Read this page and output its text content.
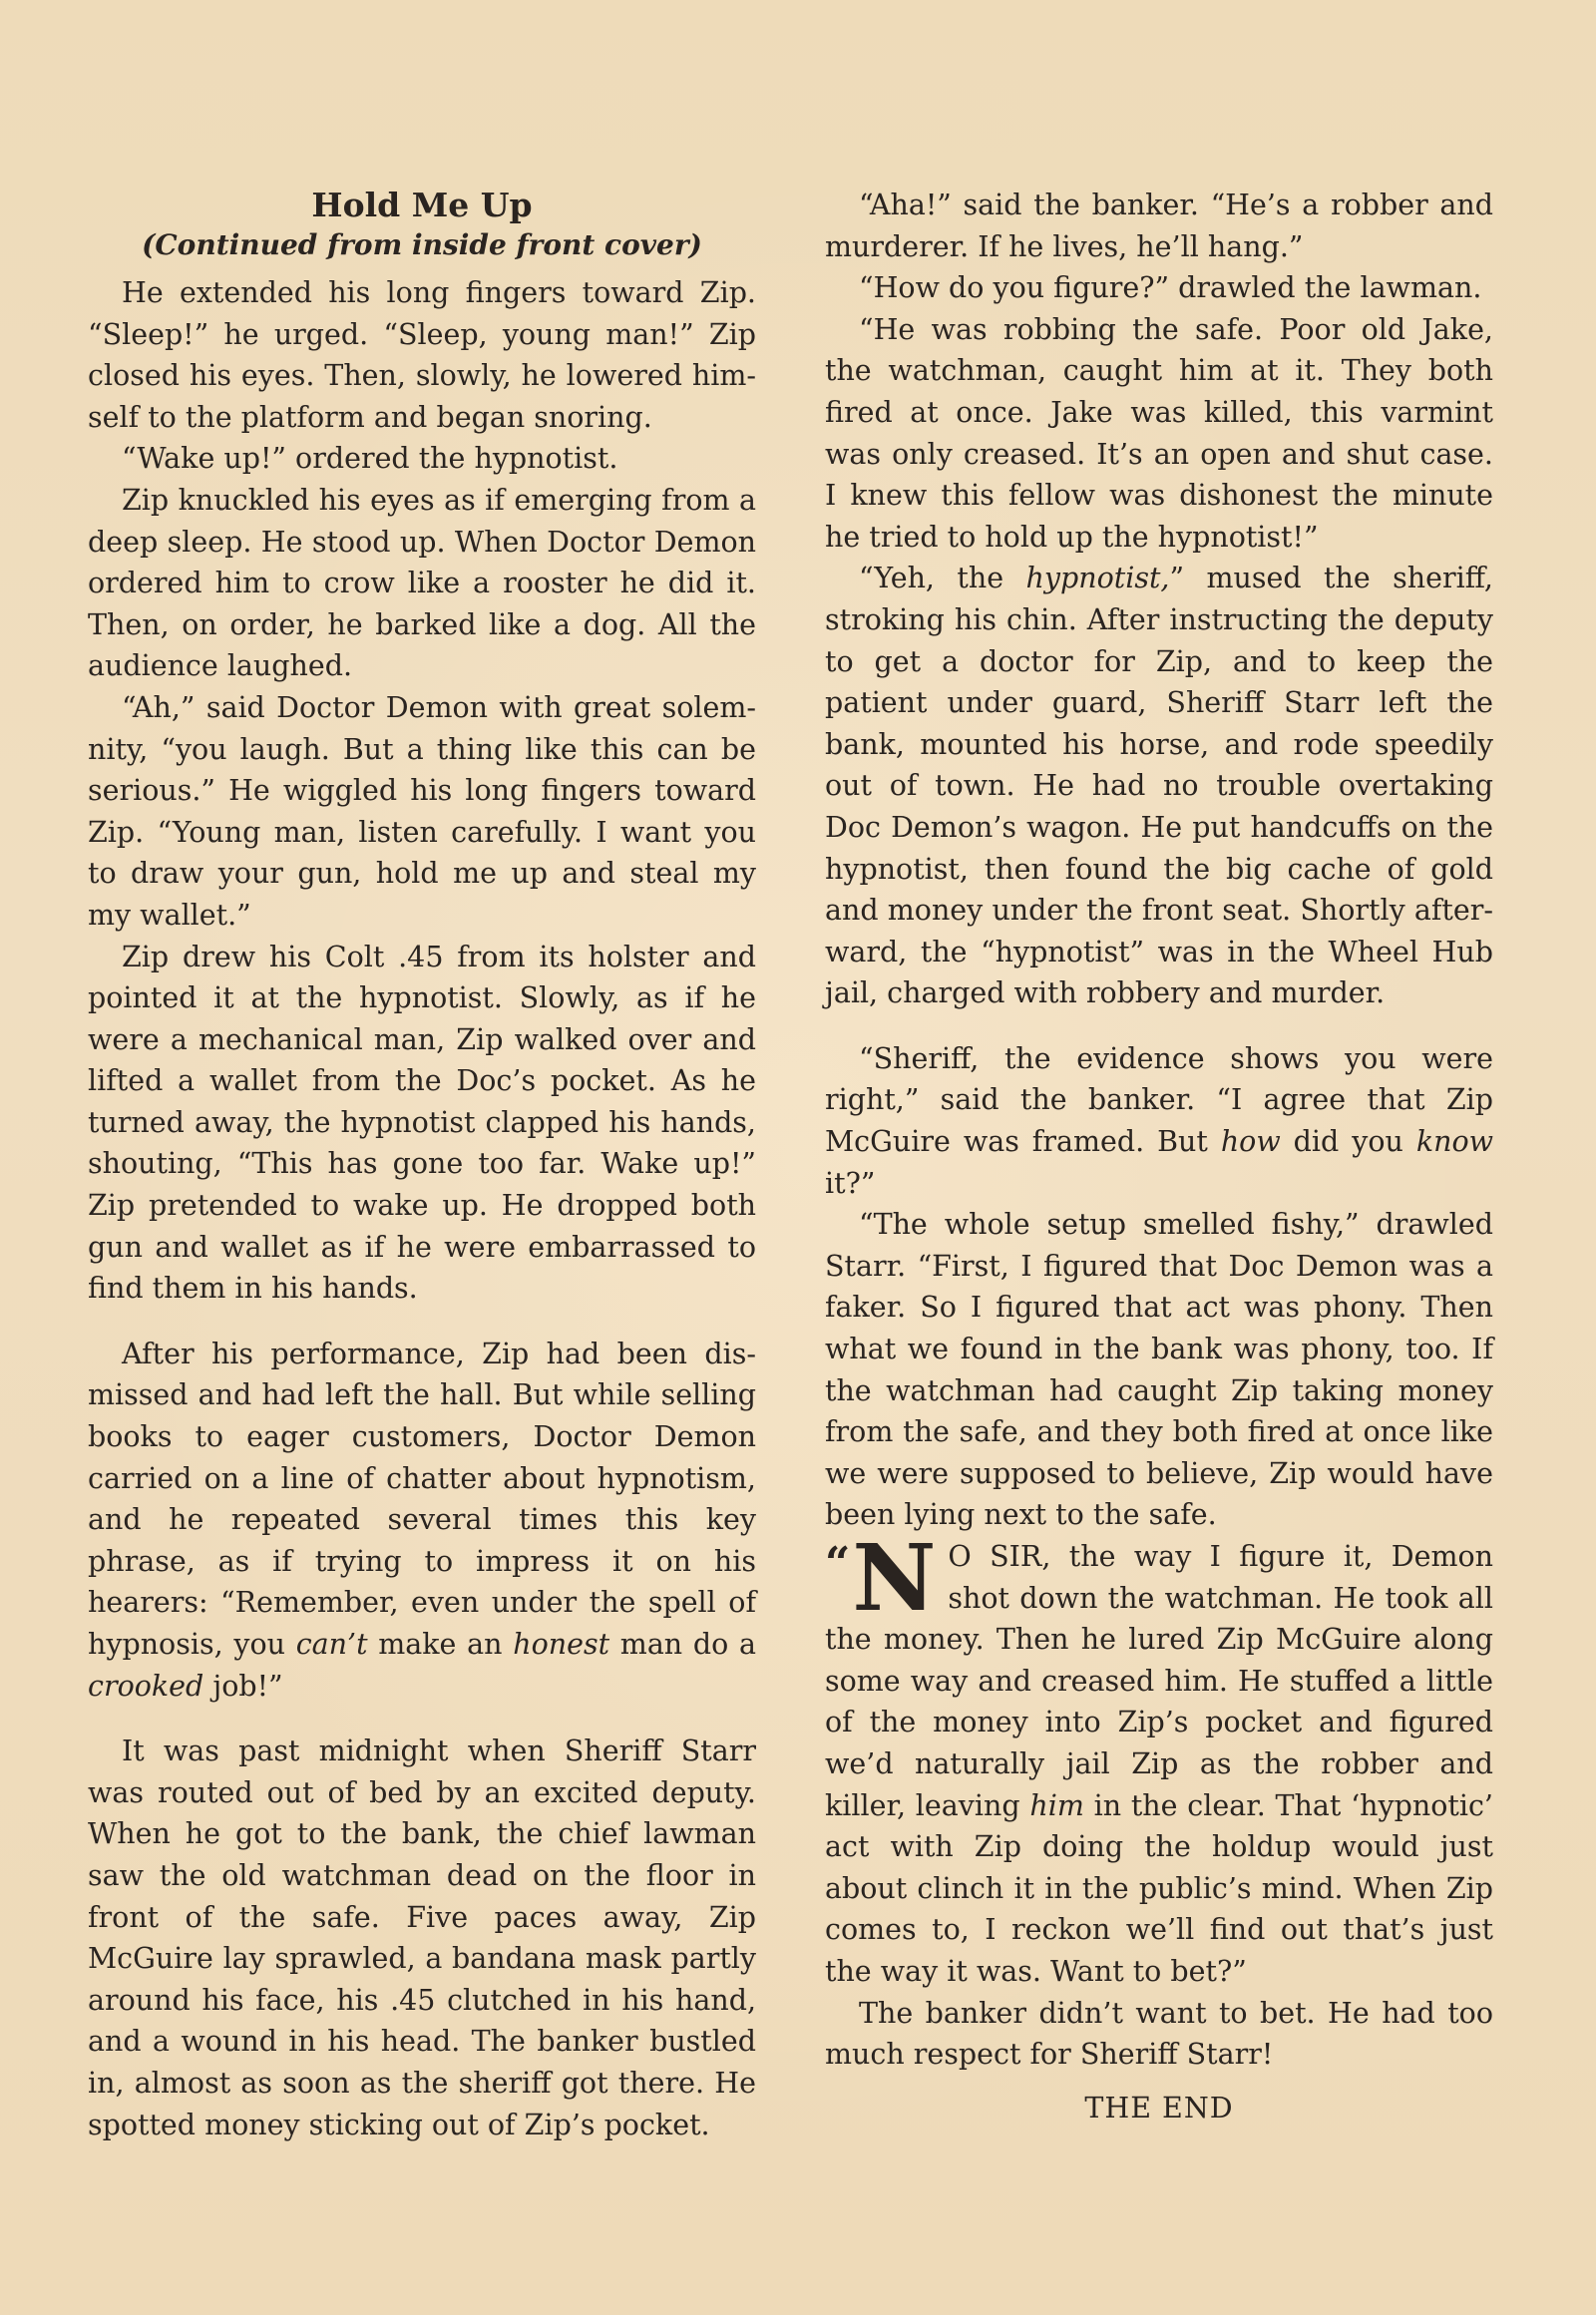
Hold Me Up
(Continued from inside front cover)

He extended his long fingers toward Zip. “Sleep!” he urged. “Sleep, young man!” Zip closed his eyes. Then, slowly, he lowered himself to the platform and began snoring.

“Wake up!” ordered the hypnotist.

Zip knuckled his eyes as if emerging from a deep sleep. He stood up. When Doctor Demon ordered him to crow like a rooster he did it. Then, on order, he barked like a dog. All the audience laughed.

“Ah,” said Doctor Demon with great solemnity, “you laugh. But a thing like this can be serious.” He wiggled his long fingers toward Zip. “Young man, listen carefully. I want you to draw your gun, hold me up and steal my my wallet.”

Zip drew his Colt .45 from its holster and pointed it at the hypnotist. Slowly, as if he were a mechanical man, Zip walked over and lifted a wallet from the Doc’s pocket. As he turned away, the hypnotist clapped his hands, shouting, “This has gone too far. Wake up!” Zip pretended to wake up. He dropped both gun and wallet as if he were embarrassed to find them in his hands.

After his performance, Zip had been dismissed and had left the hall. But while selling books to eager customers, Doctor Demon carried on a line of chatter about hypnotism, and he repeated several times this key phrase, as if trying to impress it on his hearers: “Remember, even under the spell of hypnosis, you can’t make an honest man do a crooked job!”

It was past midnight when Sheriff Starr was routed out of bed by an excited deputy. When he got to the bank, the chief lawman saw the old watchman dead on the floor in front of the safe. Five paces away, Zip McGuire lay sprawled, a bandana mask partly around his face, his .45 clutched in his hand, and a wound in his head. The banker bustled in, almost as soon as the sheriff got there. He spotted money sticking out of Zip’s pocket.

“Aha!” said the banker. “He’s a robber and murderer. If he lives, he’ll hang.”

“How do you figure?” drawled the lawman.

“He was robbing the safe. Poor old Jake, the watchman, caught him at it. They both fired at once. Jake was killed, this varmint was only creased. It’s an open and shut case. I knew this fellow was dishonest the minute he tried to hold up the hypnotist!”

“Yeh, the hypnotist,” mused the sheriff, stroking his chin. After instructing the deputy to get a doctor for Zip, and to keep the patient under guard, Sheriff Starr left the bank, mounted his horse, and rode speedily out of town. He had no trouble overtaking Doc Demon’s wagon. He put handcuffs on the hypnotist, then found the big cache of gold and money under the front seat. Shortly afterward, the “hypnotist” was in the Wheel Hub jail, charged with robbery and murder.

“Sheriff, the evidence shows you were right,” said the banker. “I agree that Zip McGuire was framed. But how did you know it?”

“The whole setup smelled fishy,” drawled Starr. “First, I figured that Doc Demon was a faker. So I figured that act was phony. Then what we found in the bank was phony, too. If the watchman had caught Zip taking money from the safe, and they both fired at once like we were supposed to believe, Zip would have been lying next to the safe.

“ N O SIR, the way I figure it, Demon shot down the watchman. He took all the money. Then he lured Zip McGuire along some way and creased him. He stuffed a little of the money into Zip’s pocket and figured we’d naturally jail Zip as the robber and killer, leaving him in the clear. That ‘hypnotic’ act with Zip doing the holdup would just about clinch it in the public’s mind. When Zip comes to, I reckon we’ll find out that’s just the way it was. Want to bet?”

The banker didn’t want to bet. He had too much respect for Sheriff Starr!

THE END
